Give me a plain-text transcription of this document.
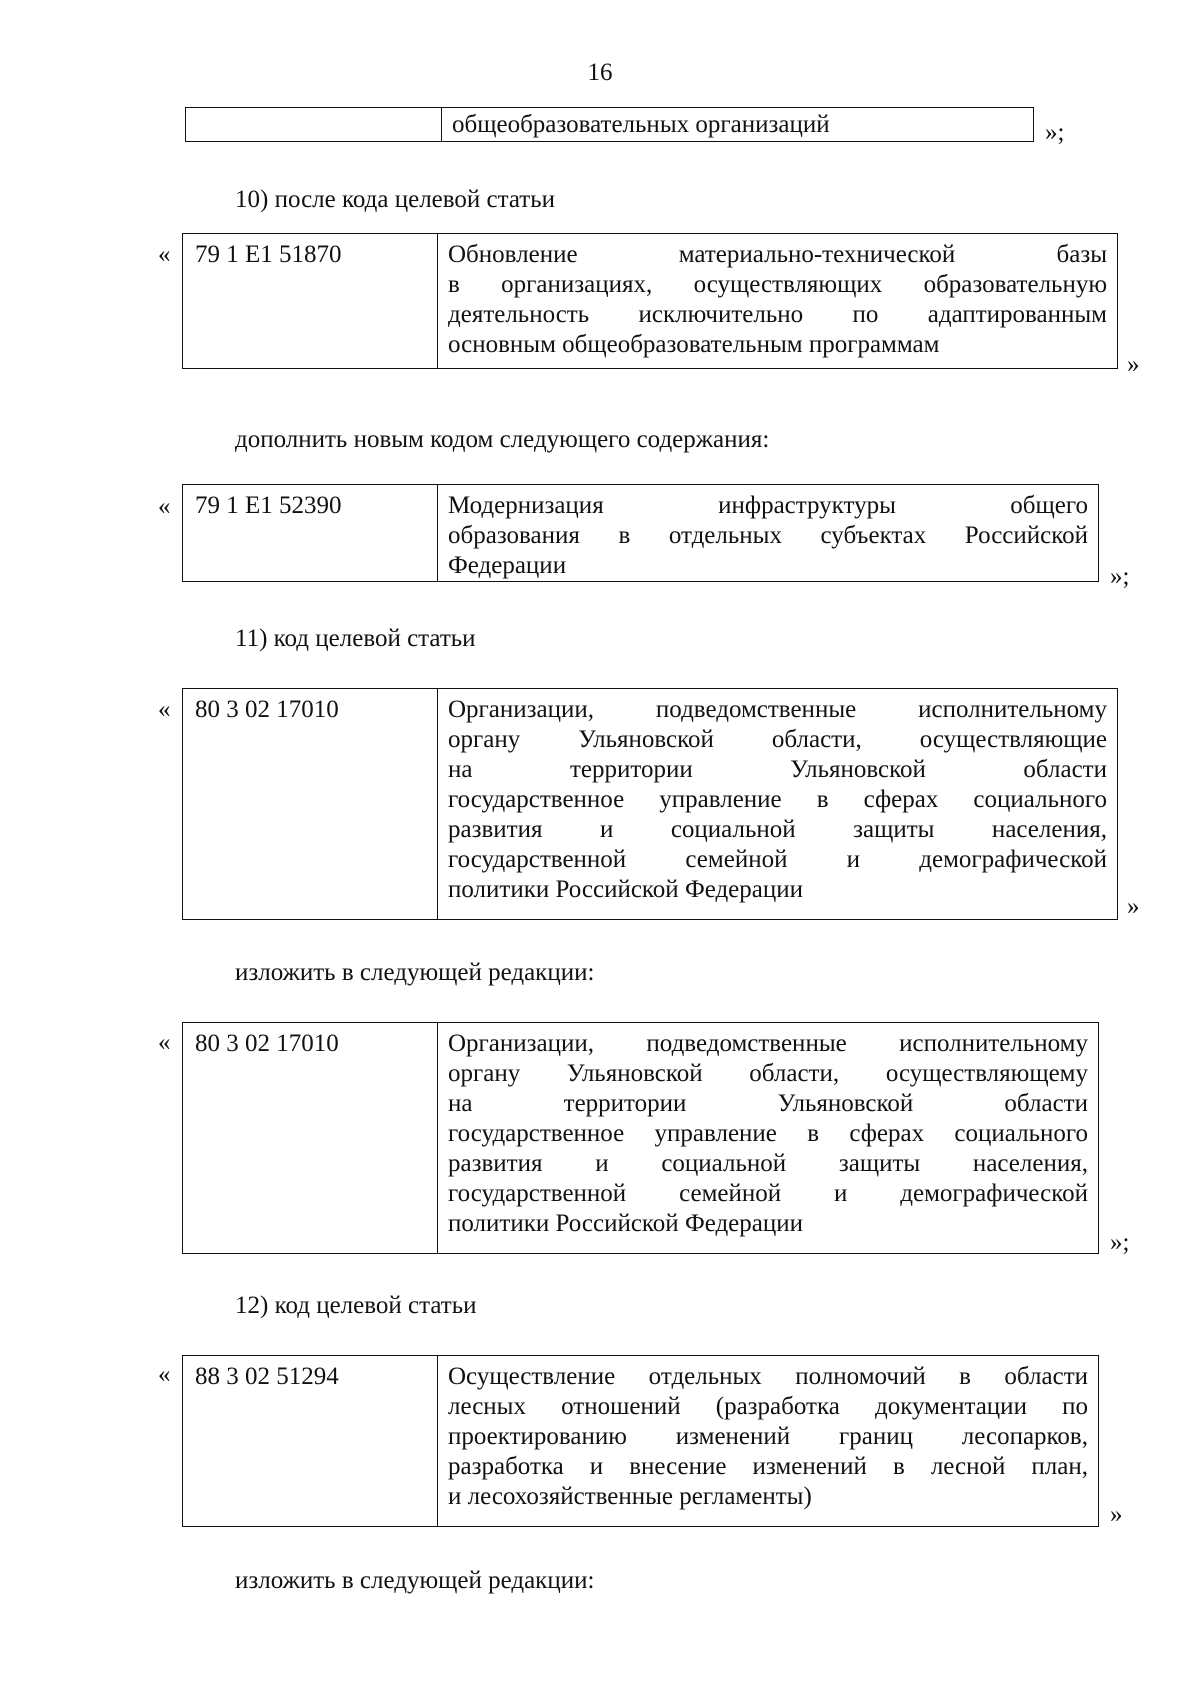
16
общеобразовательных организаций	»;
10) после кода целевой статьи
« 79 1 Е1 51870	Обновление материально-технической базы
в организациях, осуществляющих образовательную
деятельность исключительно по адаптированным
основным общеобразовательным программам
»
дополнить новым кодом следующего содержания:
« 79 1 Е1 52390	Модернизация инфраструктуры общего
образования в отдельных субъектах Российской
Федерации	»;
11) код целевой статьи
« 80 3 02 17010	Организации, подведомственные исполнительному
органу Ульяновской области, осуществляющие
на территории Ульяновской области
государственное управление в сферах социального
развития и социальной защиты населения,
государственной семейной и демографической
политики Российской Федерации
»
изложить в следующей редакции:
« 80 3 02 17010	Организации, подведомственные исполнительному
органу Ульяновской области, осуществляющему
на территории Ульяновской области
государственное управление в сферах социального
развития и социальной защиты населения,
государственной семейной и демографической
политики Российской Федерации
»;
12) код целевой статьи
« 88 3 02 51294	Осуществление отдельных полномочий в области
лесных отношений (разработка документации по
проектированию изменений границ лесопарков,
разработка и внесение изменений в лесной план,
и лесохозяйственные регламенты)
»
изложить в следующей редакции:
